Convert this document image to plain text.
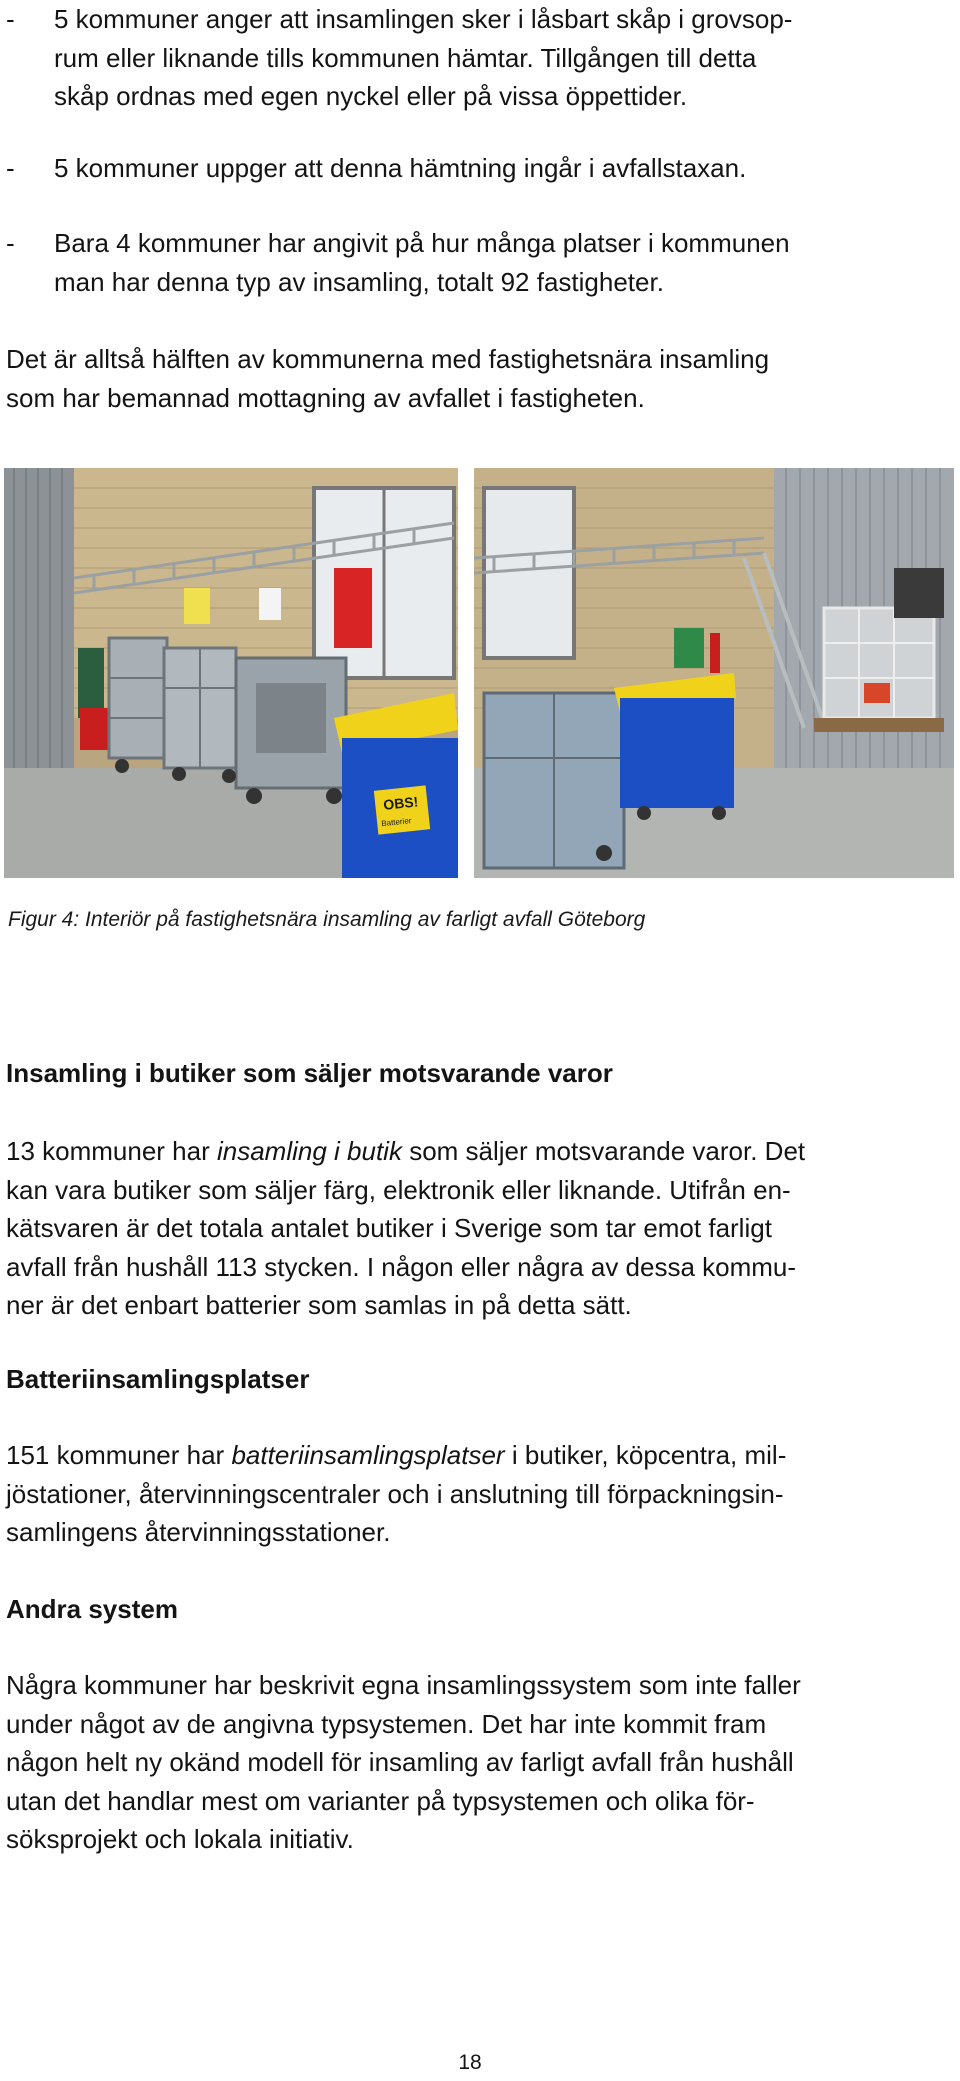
- 5 kommuner anger att insamlingen sker i låsbart skåp i grovsop-
rum eller liknande tills kommunen hämtar. Tillgången till detta
skåp ordnas med egen nyckel eller på vissa öppettider.
- 5 kommuner uppger att denna hämtning ingår i avfallstaxan.
- Bara 4 kommuner har angivit på hur många platser i kommunen
man har denna typ av insamling, totalt 92 fastigheter.
Det är alltså hälften av kommunerna med fastighetsnära insamling
som har bemannad mottagning av avfallet i fastigheten.
OBS!
Batterier
Figur 4: Interiör på fastighetsnära insamling av farligt avfall Göteborg
Insamling i butiker som säljer motsvarande varor
13 kommuner har insamling i butik som säljer motsvarande varor. Det
kan vara butiker som säljer färg, elektronik eller liknande. Utifrån en-
kätsvaren är det totala antalet butiker i Sverige som tar emot farligt
avfall från hushåll 113 stycken. I någon eller några av dessa kommu-
ner är det enbart batterier som samlas in på detta sätt.
Batteriinsamlingsplatser
151 kommuner har batteriinsamlingsplatser i butiker, köpcentra, mil-
jöstationer, återvinningscentraler och i anslutning till förpackningsin-
samlingens återvinningsstationer.
Andra system
Några kommuner har beskrivit egna insamlingssystem som inte faller
under något av de angivna typsystemen. Det har inte kommit fram
någon helt ny okänd modell för insamling av farligt avfall från hushåll
utan det handlar mest om varianter på typsystemen och olika för-
söksprojekt och lokala initiativ.
18
